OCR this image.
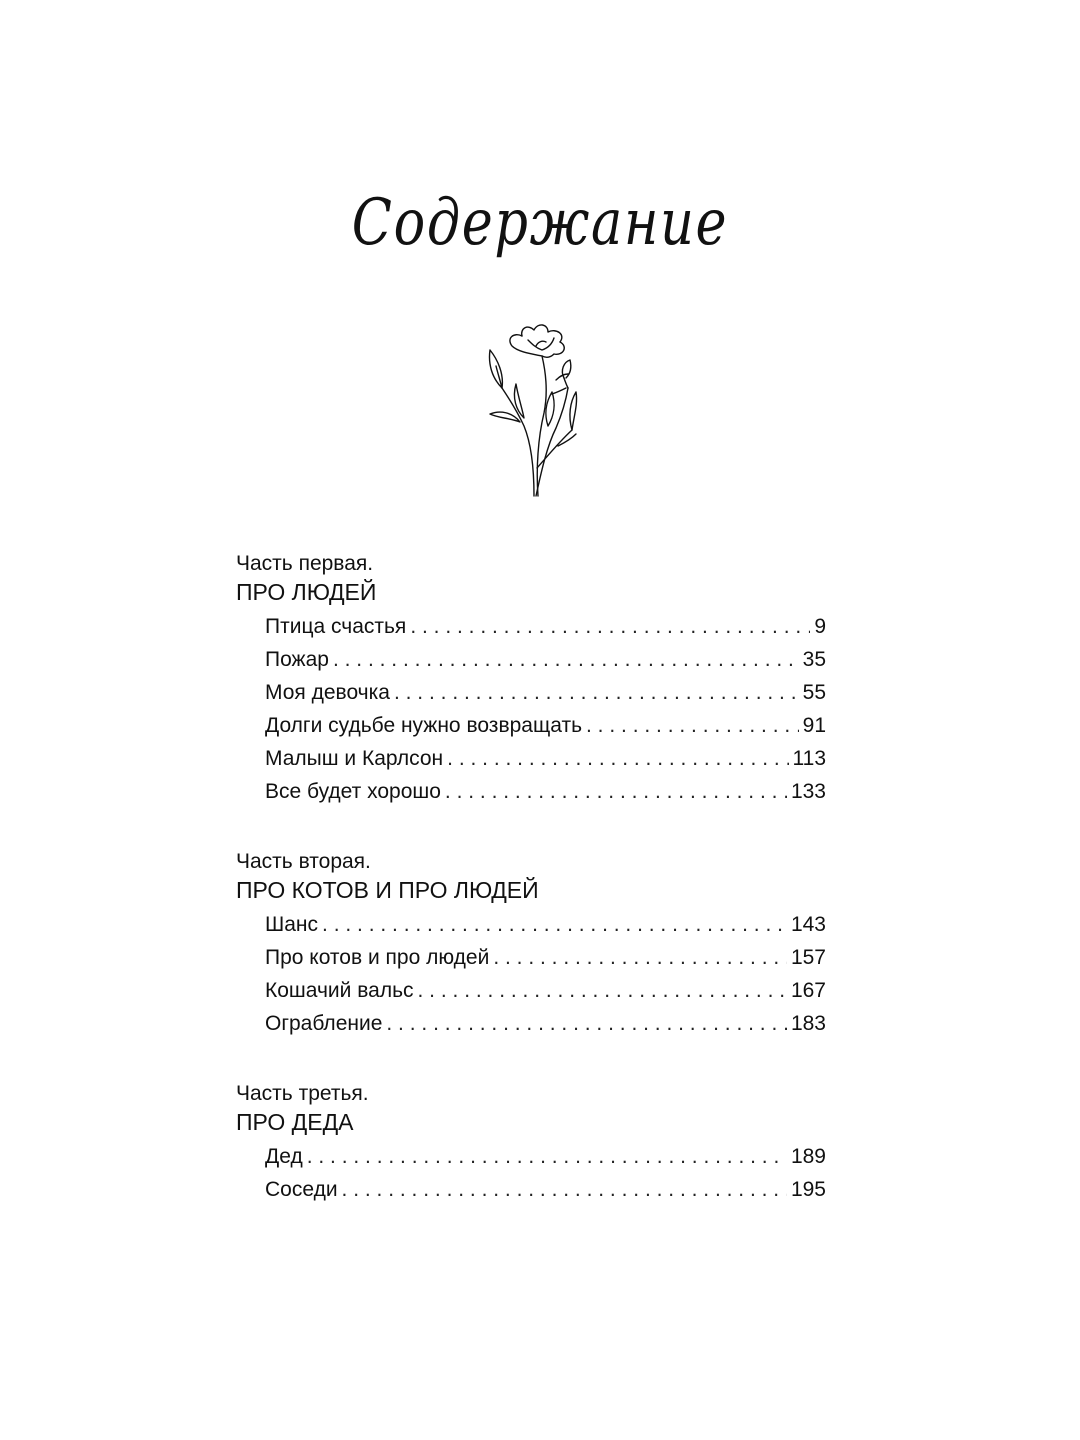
Содержание
Часть первая.
ПРО ЛЮДЕЙ
Птица счастья . . .	9
Пожар . . .	35
Моя девочка . . .	55
Долги судьбе нужно возвращать . . .	91
Малыш и Карлсон . . .	113
Все будет хорошо . . .	133
Часть вторая.
ПРО КОТОВ И ПРО ЛЮДЕЙ
Шанс . . .	143
Про котов и про людей . . .	157
Кошачий вальс . . .	167
Ограбление . . .	183
Часть третья.
ПРО ДЕДА
Дед . . .	189
Соседи . . .	195
